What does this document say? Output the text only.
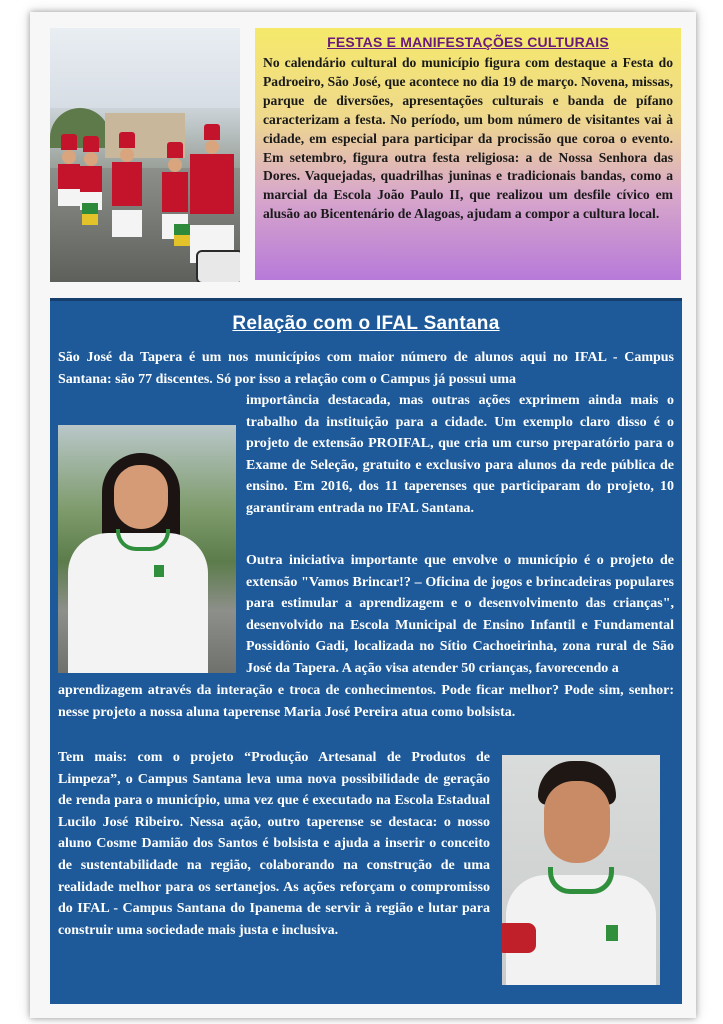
FESTAS E MANIFESTAÇÕES CULTURAIS

No calendário cultural do município figura com destaque a Festa do Padroeiro, São José, que acontece no dia 19 de março. Novena, missas, parque de diversões, apresentações culturais e banda de pífano caracterizam a festa. No período, um bom número de visitantes vai à cidade, em especial para participar da procissão que coroa o evento. Em setembro, figura outra festa religiosa: a de Nossa Senhora das Dores. Vaquejadas, quadrilhas juninas e tradicionais bandas, como a marcial da Escola João Paulo II, que realizou um desfile cívico em alusão ao Bicentenário de Alagoas, ajudam a compor a cultura local.

Relação com o IFAL Santana

São José da Tapera é um nos municípios com maior número de alunos aqui no IFAL - Campus Santana: são 77 discentes. Só por isso a relação com o Campus já possui uma

importância destacada, mas outras ações exprimem ainda mais o trabalho da instituição para a cidade. Um exemplo claro disso é o projeto de extensão PROIFAL, que cria um curso preparatório para o Exame de Seleção, gratuito e exclusivo para alunos da rede pública de ensino. Em 2016, dos 11 taperenses que participaram do projeto, 10 garantiram entrada no IFAL Santana.

Outra iniciativa importante que envolve o município é o projeto de extensão "Vamos Brincar!? – Oficina de jogos e brincadeiras populares para estimular a aprendizagem e o desenvolvimento das crianças", desenvolvido na Escola Municipal de Ensino Infantil e Fundamental Possidônio Gadi, localizada no Sítio Cachoeirinha, zona rural de São José da Tapera. A ação visa atender 50 crianças, favorecendo a

aprendizagem através da interação e troca de conhecimentos. Pode ficar melhor? Pode sim, senhor: nesse projeto a nossa aluna taperense Maria José Pereira atua como bolsista.

Tem mais: com o projeto “Produção Artesanal de Produtos de Limpeza”, o Campus Santana leva uma nova possibilidade de geração de renda para o município, uma vez que é executado na Escola Estadual Lucilo José Ribeiro. Nessa ação, outro taperense se destaca: o nosso aluno Cosme Damião dos Santos é bolsista e ajuda a inserir o conceito de sustentabilidade na região, colaborando na construção de uma realidade melhor para os sertanejos. As ações reforçam o compromisso do IFAL - Campus Santana do Ipanema de servir à região e lutar para construir uma sociedade mais justa e inclusiva.
